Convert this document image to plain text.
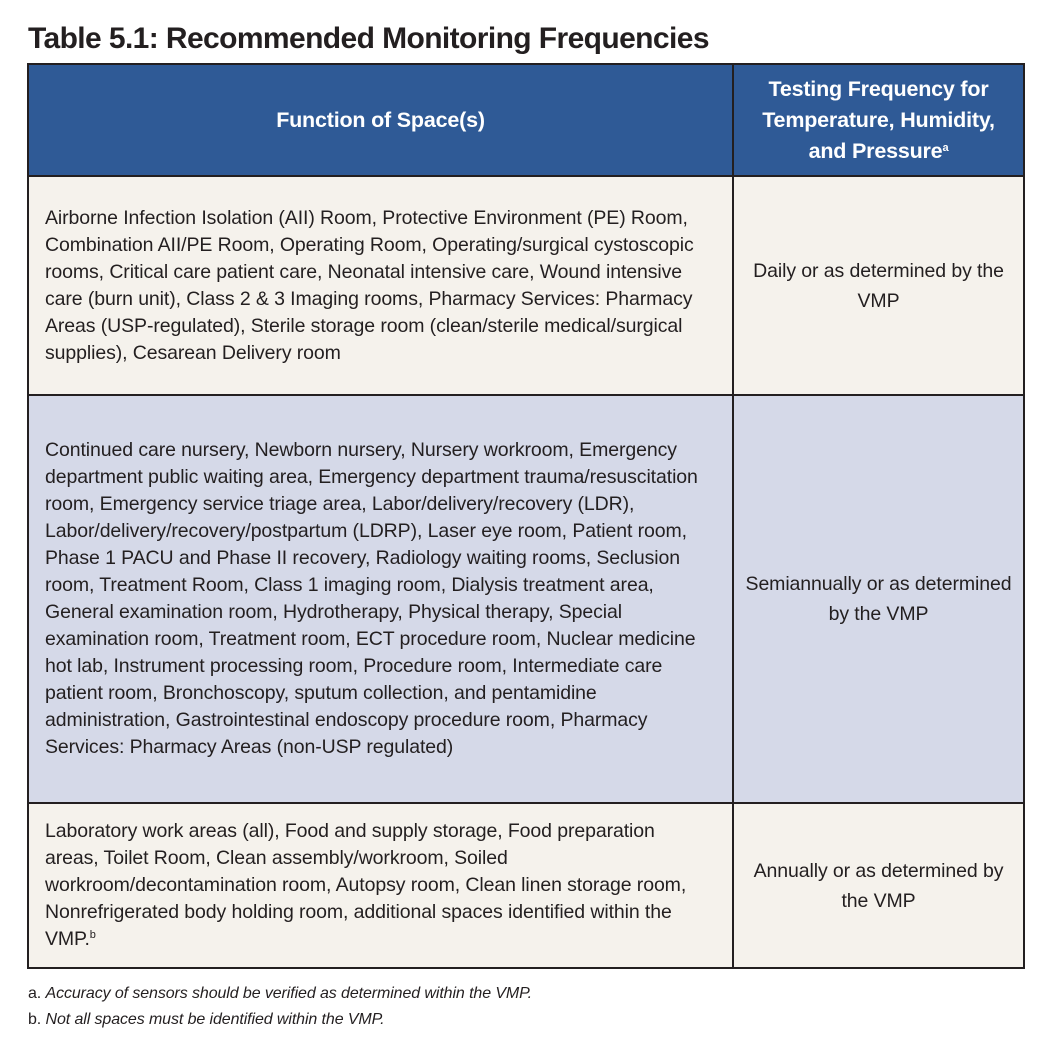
Table 5.1: Recommended Monitoring Frequencies
Function of Space(s)	Testing Frequency for Temperature, Humidity, and Pressure$^a$
Airborne Infection Isolation (AII) Room, Protective Environment (PE) Room, Combination AII/PE Room, Operating Room, Operating/surgical cystoscopic rooms, Critical care patient care, Neonatal intensive care, Wound intensive care (burn unit), Class 2 & 3 Imaging rooms, Pharmacy Services: Pharmacy Areas (USP-regulated), Sterile storage room (clean/sterile medical/surgical supplies), Cesarean Delivery room	Daily or as determined by the VMP
Continued care nursery, Newborn nursery, Nursery workroom, Emergency department public waiting area, Emergency department trauma/resuscitation room, Emergency service triage area, Labor/delivery/recovery (LDR), Labor/delivery/recovery/postpartum (LDRP), Laser eye room, Patient room, Phase 1 PACU and Phase II recovery, Radiology waiting rooms, Seclusion room, Treatment Room, Class 1 imaging room, Dialysis treatment area, General examination room, Hydrotherapy, Physical therapy, Special examination room, Treatment room, ECT procedure room, Nuclear medicine hot lab, Instrument processing room, Procedure room, Intermediate care patient room, Bronchoscopy, sputum collection, and pentamidine administration, Gastrointestinal endoscopy procedure room, Pharmacy Services: Pharmacy Areas (non-USP regulated)	Semiannually or as determined by the VMP
Laboratory work areas (all), Food and supply storage, Food preparation areas, Toilet Room, Clean assembly/workroom, Soiled workroom/decontamination room, Autopsy room, Clean linen storage room, Nonrefrigerated body holding room, additional spaces identified within the VMP.$^b$	Annually or as determined by the VMP
a. Accuracy of sensors should be verified as determined within the VMP.
b. Not all spaces must be identified within the VMP.
